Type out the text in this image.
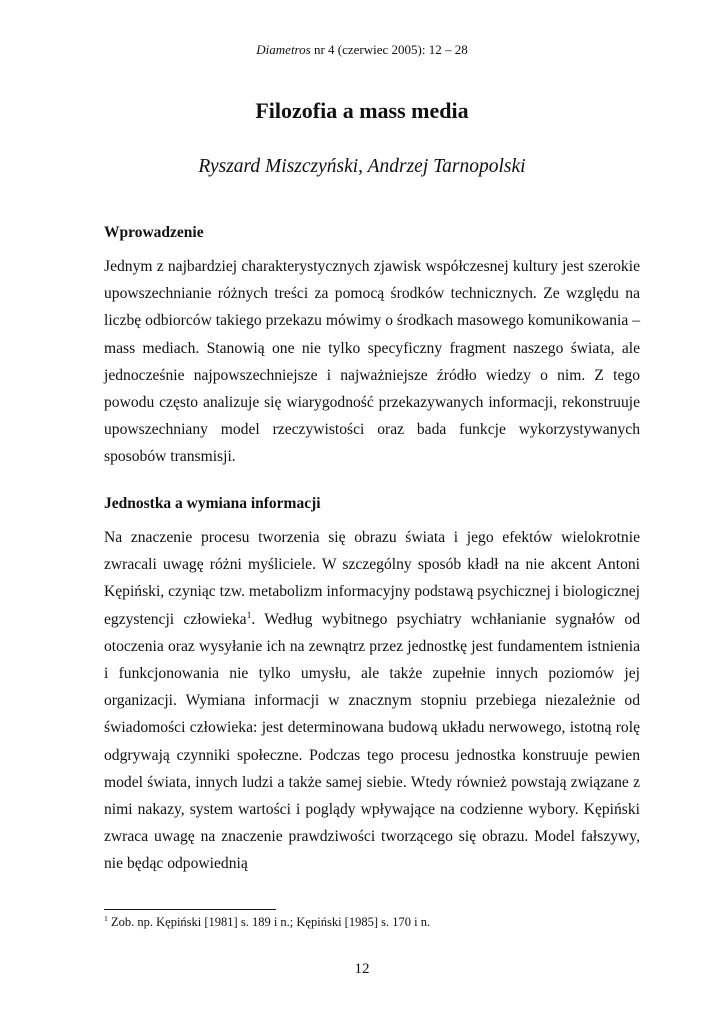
Diametros nr 4 (czerwiec 2005): 12 – 28
Filozofia a mass media
Ryszard Miszczyński, Andrzej Tarnopolski
Wprowadzenie

Jednym z najbardziej charakterystycznych zjawisk współczesnej kultury jest szerokie upowszechnianie różnych treści za pomocą środków technicznych. Ze względu na liczbę odbiorców takiego przekazu mówimy o środkach masowego komunikowania – mass mediach. Stanowią one nie tylko specyficzny fragment naszego świata, ale jednocześnie najpowszechniejsze i najważniejsze źródło wiedzy o nim. Z tego powodu często analizuje się wiarygodność przekazywanych informacji, rekonstruuje upowszechniany model rzeczywistości oraz bada funkcje wykorzystywanych sposobów transmisji.

Jednostka a wymiana informacji

Na znaczenie procesu tworzenia się obrazu świata i jego efektów wielokrotnie zwracali uwagę różni myśliciele. W szczególny sposób kładł na nie akcent Antoni Kępiński, czyniąc tzw. metabolizm informacyjny podstawą psychicznej i biologicznej egzystencji człowieka$^1$. Według wybitnego psychiatry wchłanianie sygnałów od otoczenia oraz wysyłanie ich na zewnątrz przez jednostkę jest fundamentem istnienia i funkcjonowania nie tylko umysłu, ale także zupełnie innych poziomów jej organizacji. Wymiana informacji w znacznym stopniu przebiega niezależnie od świadomości człowieka: jest determinowana budową układu nerwowego, istotną rolę odgrywają czynniki społeczne. Podczas tego procesu jednostka konstruuje pewien model świata, innych ludzi a także samej siebie. Wtedy również powstają związane z nimi nakazy, system wartości i poglądy wpływające na codzienne wybory. Kępiński zwraca uwagę na znaczenie prawdziwości tworzącego się obrazu. Model fałszywy, nie będąc odpowiednią

$^1$ Zob. np. Kępiński [1981] s. 189 i n.; Kępiński [1985] s. 170 i n.
12
